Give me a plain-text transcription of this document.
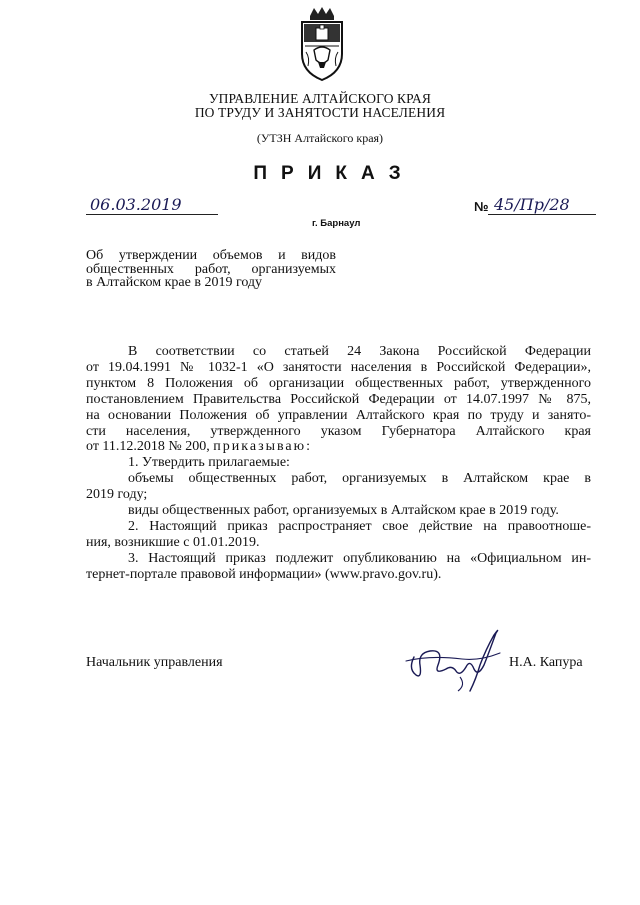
УПРАВЛЕНИЕ АЛТАЙСКОГО КРАЯ
ПО ТРУДУ И ЗАНЯТОСТИ НАСЕЛЕНИЯ
(УТЗН Алтайского края)
ПРИКАЗ
06.03.2019	№ 45/Пр/28
г. Барнаул

Об утверждении объемов и видов

общественных работ, организуемых

в Алтайском крае в 2019 году

В соответствии со статьей 24 Закона Российской Федерации

от 19.04.1991 № 1032-1 «О занятости населения в Российской Федерации»,

пунктом 8 Положения об организации общественных работ, утвержденного

постановлением Правительства Российской Федерации от 14.07.1997 № 875,

на основании Положения об управлении Алтайского края по труду и занято-

сти населения, утвержденного указом Губернатора Алтайского края

от 11.12.2018 № 200, приказываю:

1. Утвердить прилагаемые:

объемы общественных работ, организуемых в Алтайском крае в

2019 году;

виды общественных работ, организуемых в Алтайском крае в 2019 году.

2. Настоящий приказ распространяет свое действие на правоотноше-

ния, возникшие с 01.01.2019.

3. Настоящий приказ подлежит опубликованию на «Официальном ин-

тернет-портале правовой информации» (www.pravo.gov.ru).

Начальник управления	Н.А. Капура
